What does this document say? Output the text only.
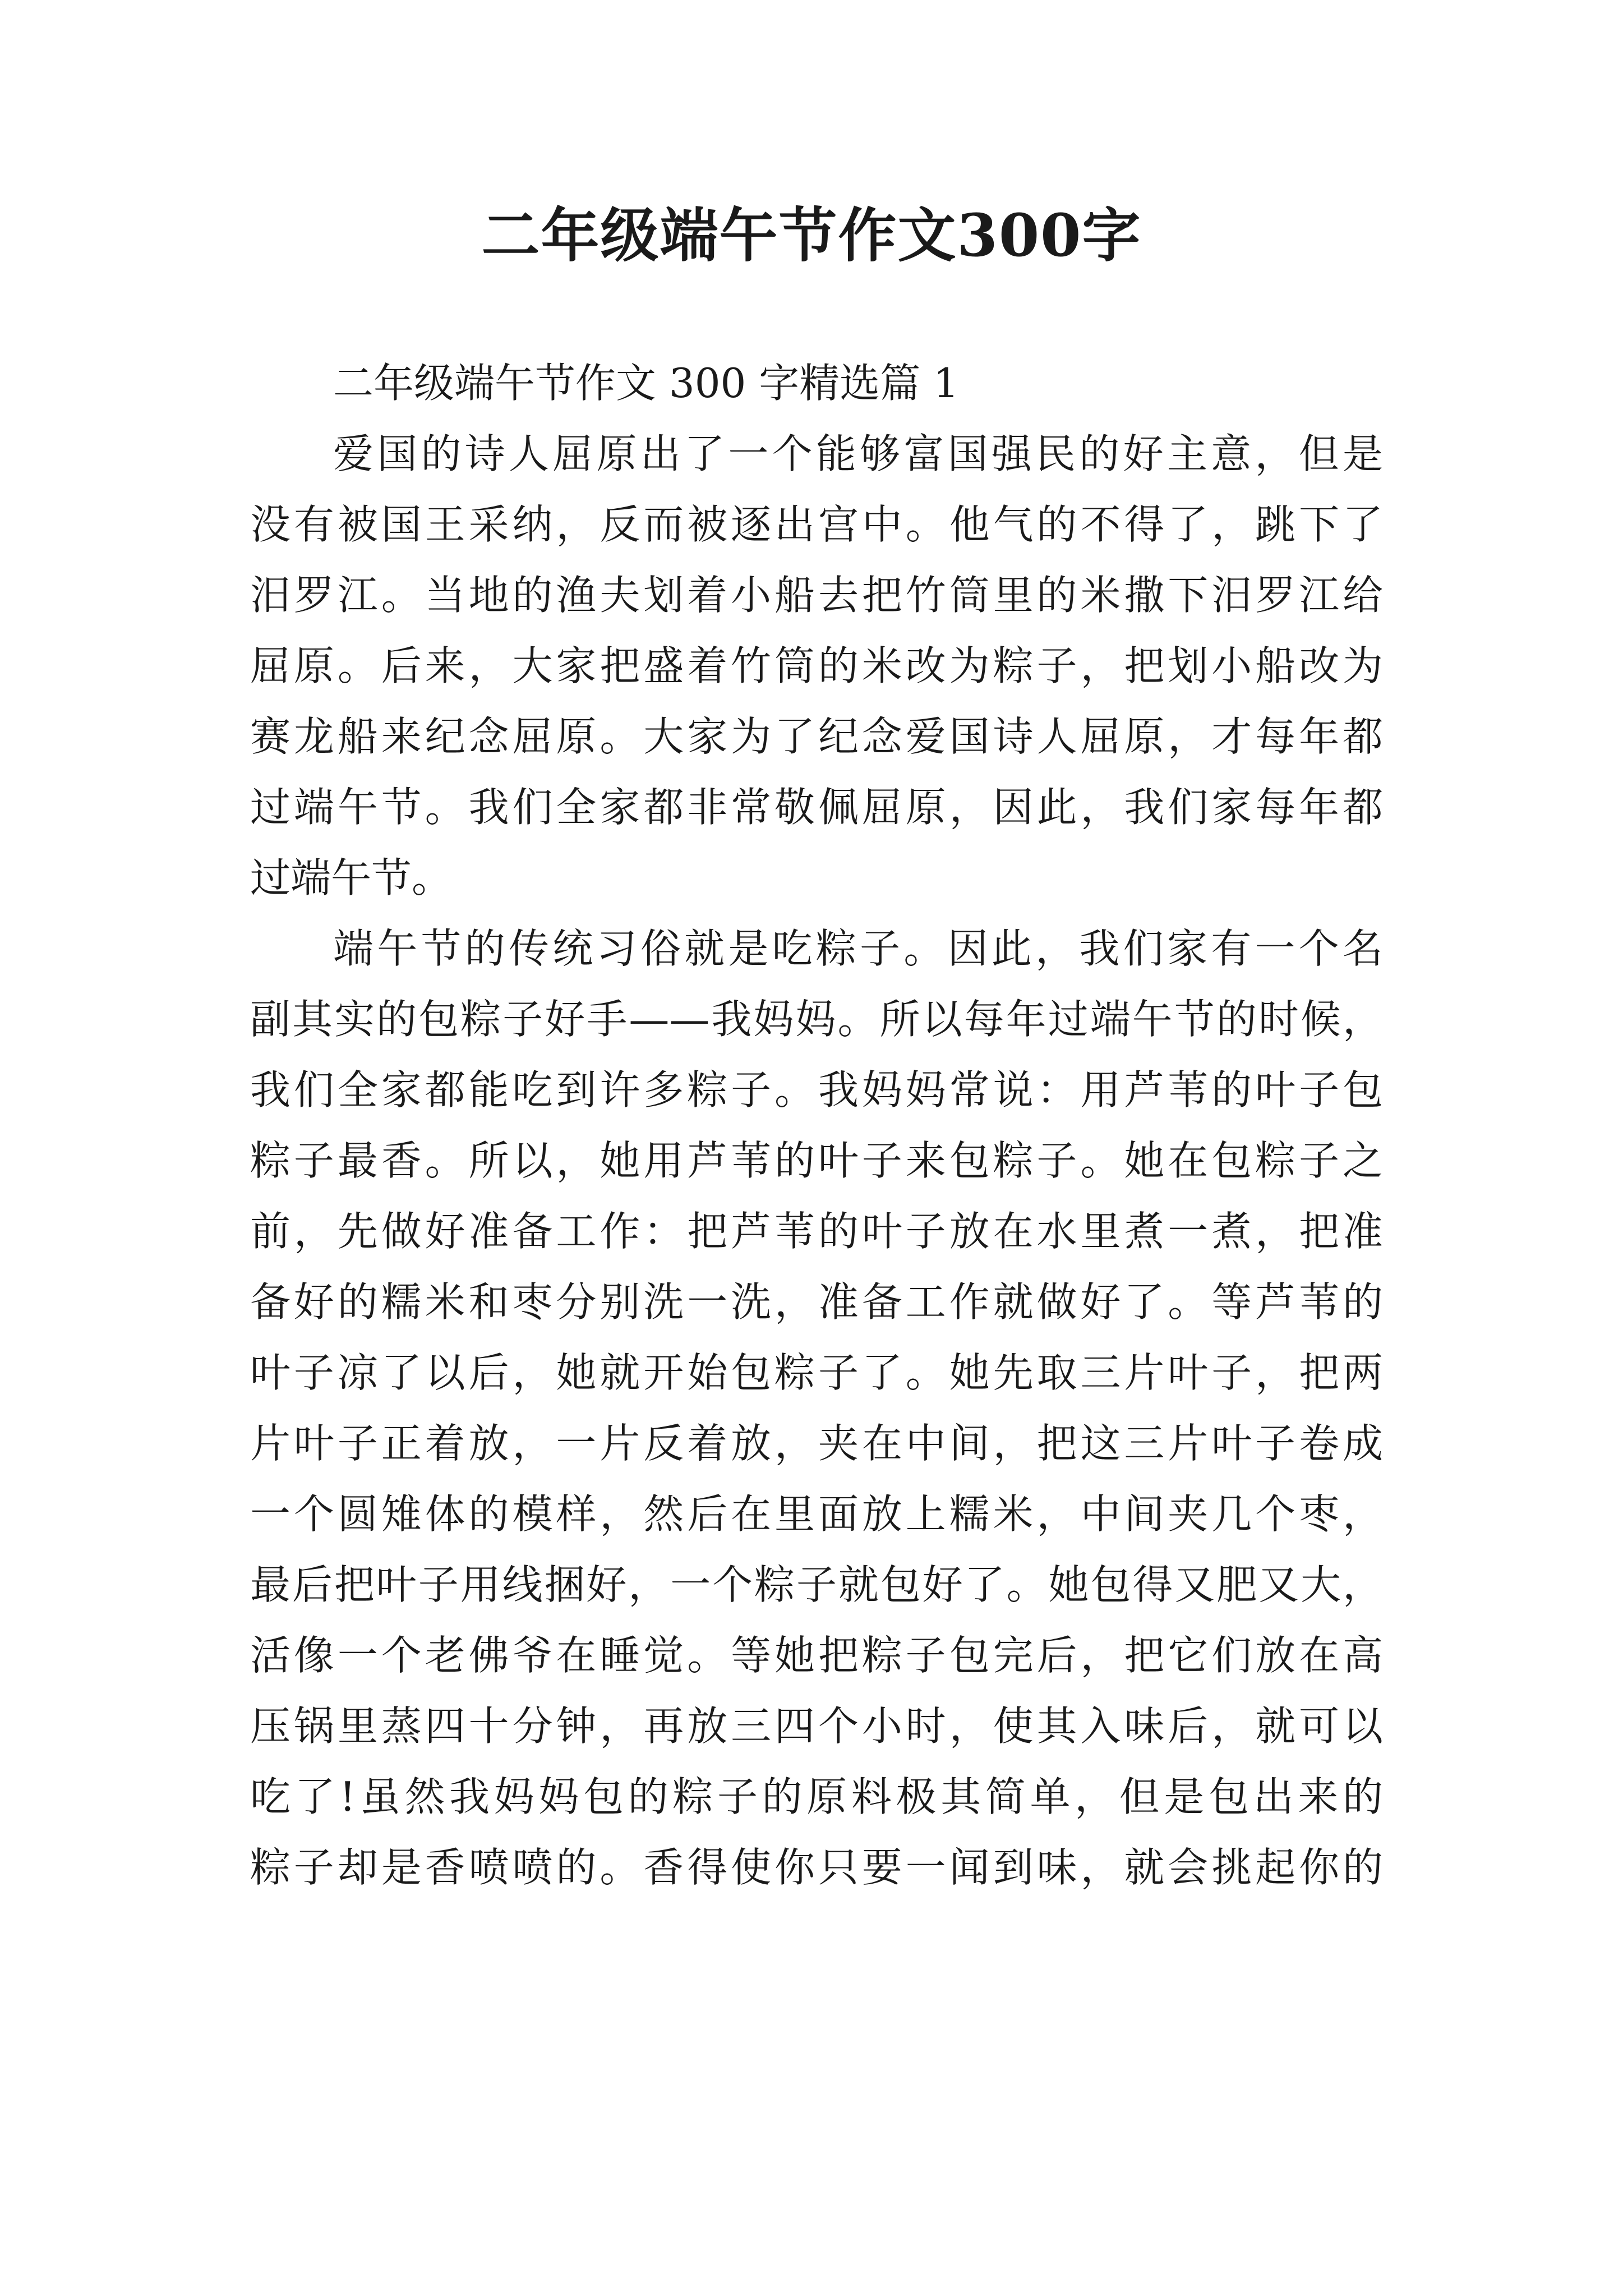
二年级端午节作文300字
二年级端午节作文 300 字精选篇 1
爱国的诗人屈原出了一个能够富国强民的好主意，但是
没有被国王采纳，反而被逐出宫中。他气的不得了，跳下了
汨罗江。当地的渔夫划着小船去把竹筒里的米撒下汨罗江给
屈原。后来，大家把盛着竹筒的米改为粽子，把划小船改为
赛龙船来纪念屈原。大家为了纪念爱国诗人屈原，才每年都
过端午节。我们全家都非常敬佩屈原，因此，我们家每年都
过端午节。
端午节的传统习俗就是吃粽子。因此，我们家有一个名
副其实的包粽子好手——我妈妈。所以每年过端午节的时候，
我们全家都能吃到许多粽子。我妈妈常说：用芦苇的叶子包
粽子最香。所以，她用芦苇的叶子来包粽子。她在包粽子之
前，先做好准备工作：把芦苇的叶子放在水里煮一煮，把准
备好的糯米和枣分别洗一洗，准备工作就做好了。等芦苇的
叶子凉了以后，她就开始包粽子了。她先取三片叶子，把两
片叶子正着放，一片反着放，夹在中间，把这三片叶子卷成
一个圆雉体的模样，然后在里面放上糯米，中间夹几个枣，
最后把叶子用线捆好，一个粽子就包好了。她包得又肥又大，
活像一个老佛爷在睡觉。等她把粽子包完后，把它们放在高
压锅里蒸四十分钟，再放三四个小时，使其入味后，就可以
吃了!虽然我妈妈包的粽子的原料极其简单，但是包出来的
粽子却是香喷喷的。香得使你只要一闻到味，就会挑起你的
